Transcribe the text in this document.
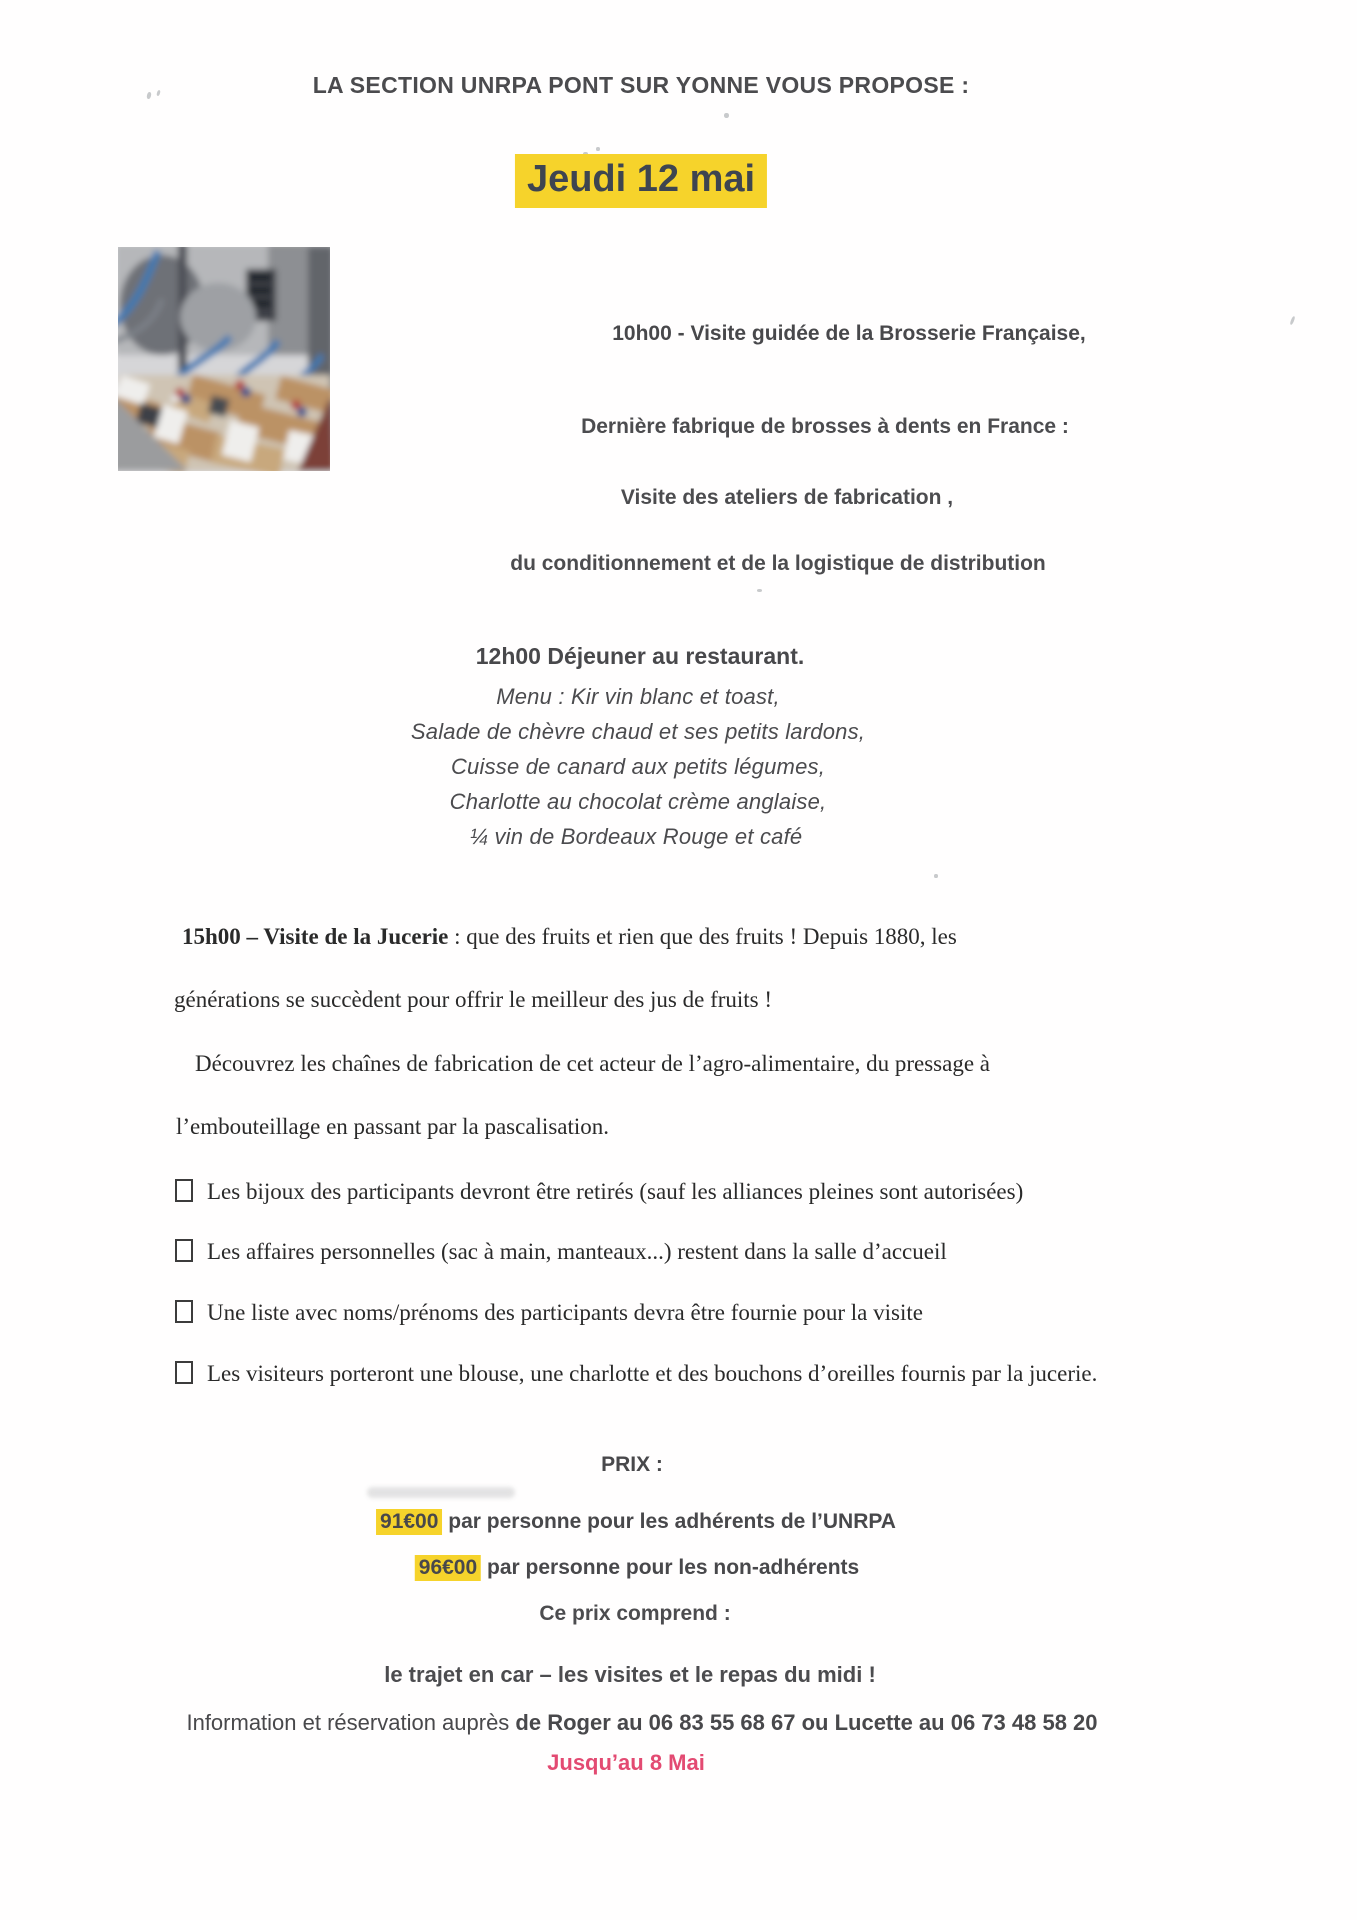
LA SECTION UNRPA PONT SUR YONNE VOUS PROPOSE :
Jeudi 12 mai
10h00 - Visite guidée de la Brosserie Française,
Dernière fabrique de brosses à dents en France :
Visite des ateliers de fabrication ,
du conditionnement et de la logistique de distribution
12h00 Déjeuner au restaurant.
Menu : Kir vin blanc et toast,
Salade de chèvre chaud et ses petits lardons,
Cuisse de canard aux petits légumes,
Charlotte au chocolat crème anglaise,
¼ vin de Bordeaux Rouge et café
15h00 – Visite de la Jucerie : que des fruits et rien que des fruits ! Depuis 1880, les
générations se succèdent pour offrir le meilleur des jus de fruits !
Découvrez les chaînes de fabrication de cet acteur de l’agro-alimentaire, du pressage à
l’embouteillage en passant par la pascalisation.
Les bijoux des participants devront être retirés (sauf les alliances pleines sont autorisées)
Les affaires personnelles (sac à main, manteaux...) restent dans la salle d’accueil
Une liste avec noms/prénoms des participants devra être fournie pour la visite
Les visiteurs porteront une blouse, une charlotte et des bouchons d’oreilles fournis par la jucerie.
PRIX :
91€00 par personne pour les adhérents de l’UNRPA
96€00 par personne pour les non-adhérents
Ce prix comprend :
le trajet en car – les visites et le repas du midi !
Information et réservation auprès de Roger au 06 83 55 68 67 ou Lucette au 06 73 48 58 20
Jusqu’au 8 Mai
